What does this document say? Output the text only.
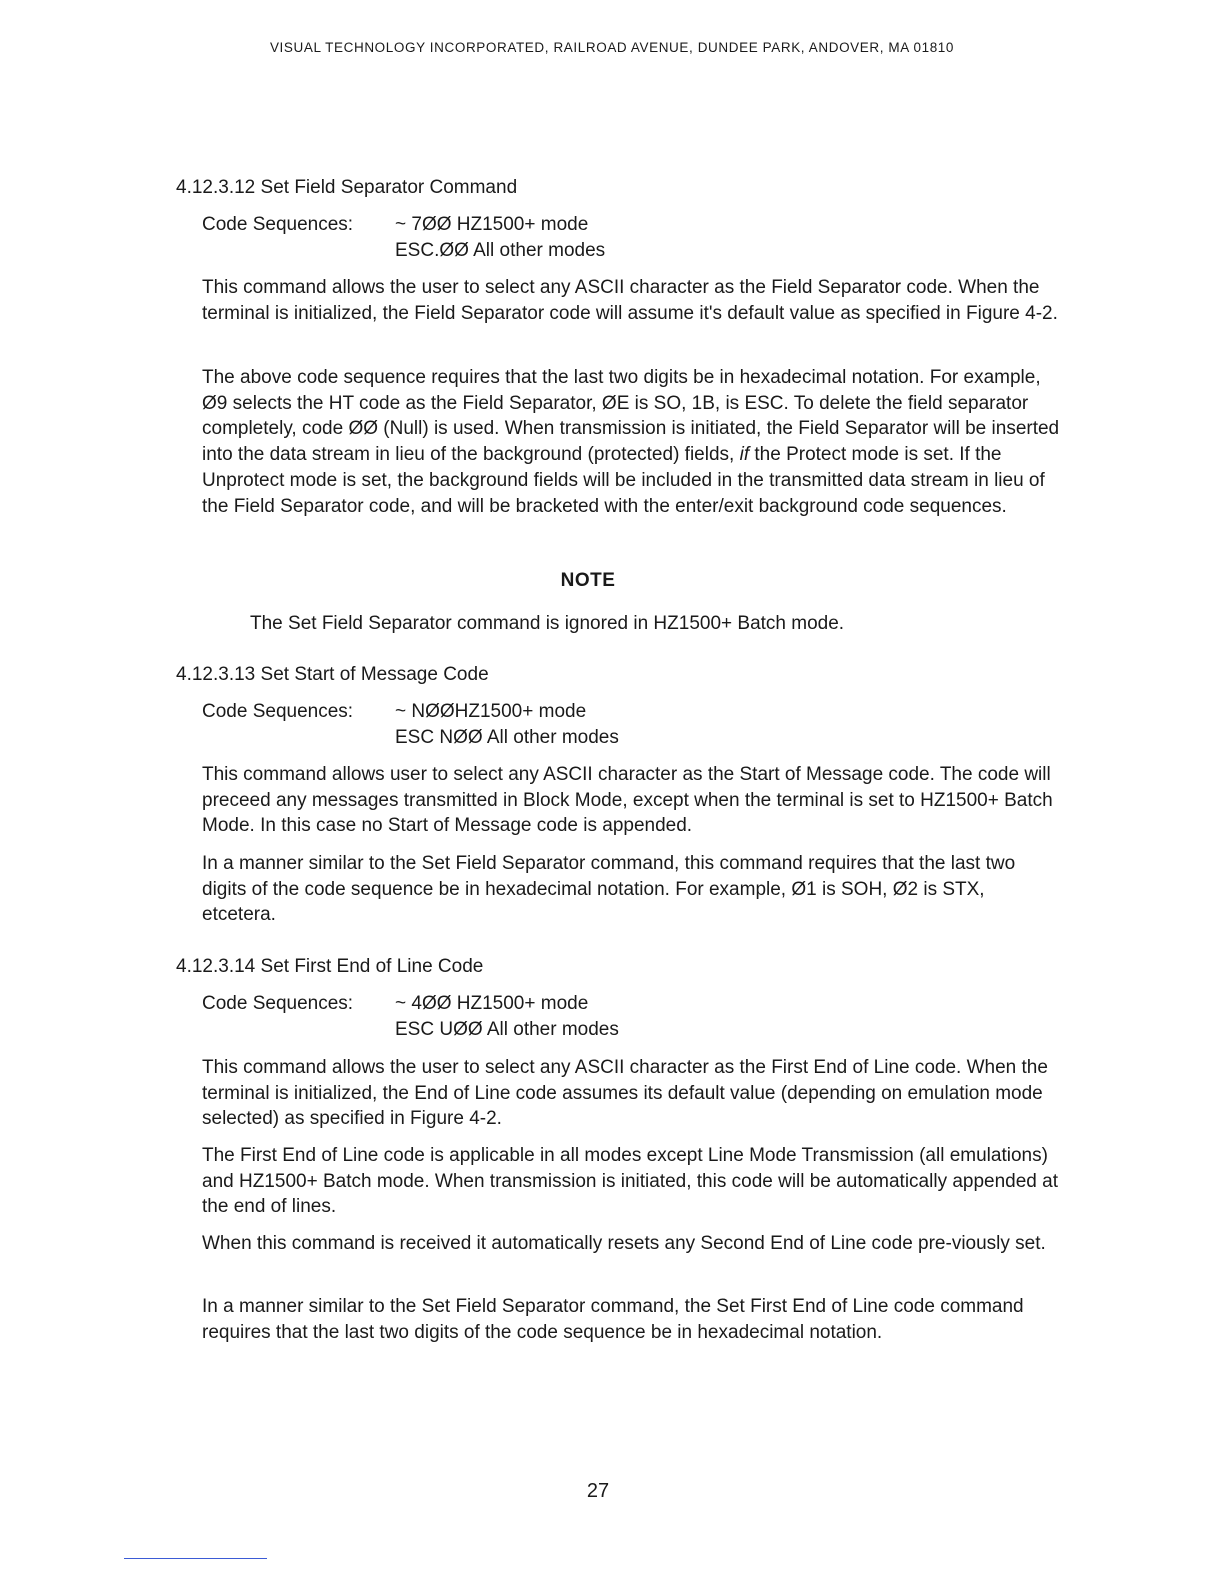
VISUAL TECHNOLOGY INCORPORATED, RAILROAD AVENUE, DUNDEE PARK, ANDOVER, MA 01810
4.12.3.12 Set Field Separator Command
Code Sequences: ~ 7ØØ HZ1500+ mode
ESC.ØØ All other modes

This command allows the user to select any ASCII character as the Field Separator code. When the terminal is initialized, the Field Separator code will assume it's default value as specified in Figure 4-2.

The above code sequence requires that the last two digits be in hexadecimal notation. For example, Ø9 selects the HT code as the Field Separator, ØE is SO, 1B, is ESC. To delete the field separator completely, code ØØ (Null) is used. When transmission is initiated, the Field Separator will be inserted into the data stream in lieu of the background (protected) fields, if the Protect mode is set. If the Unprotect mode is set, the background fields will be included in the transmitted data stream in lieu of the Field Separator code, and will be bracketed with the enter/exit background code sequences.

NOTE
The Set Field Separator command is ignored in HZ1500+ Batch mode.
4.12.3.13 Set Start of Message Code
Code Sequences: ~ NØØHZ1500+ mode
ESC NØØ All other modes

This command allows user to select any ASCII character as the Start of Message code. The code will preceed any messages transmitted in Block Mode, except when the terminal is set to HZ1500+ Batch Mode. In this case no Start of Message code is appended.

In a manner similar to the Set Field Separator command, this command requires that the last two digits of the code sequence be in hexadecimal notation. For example, Ø1 is SOH, Ø2 is STX, etcetera.

4.12.3.14 Set First End of Line Code
Code Sequences: ~ 4ØØ HZ1500+ mode
ESC UØØ All other modes

This command allows the user to select any ASCII character as the First End of Line code. When the terminal is initialized, the End of Line code assumes its default value (depending on emulation mode selected) as specified in Figure 4-2.

The First End of Line code is applicable in all modes except Line Mode Transmission (all emulations) and HZ1500+ Batch mode. When transmission is initiated, this code will be automatically appended at the end of lines.

When this command is received it automatically resets any Second End of Line code pre-viously set.

In a manner similar to the Set Field Separator command, the Set First End of Line code command requires that the last two digits of the code sequence be in hexadecimal notation.

27
